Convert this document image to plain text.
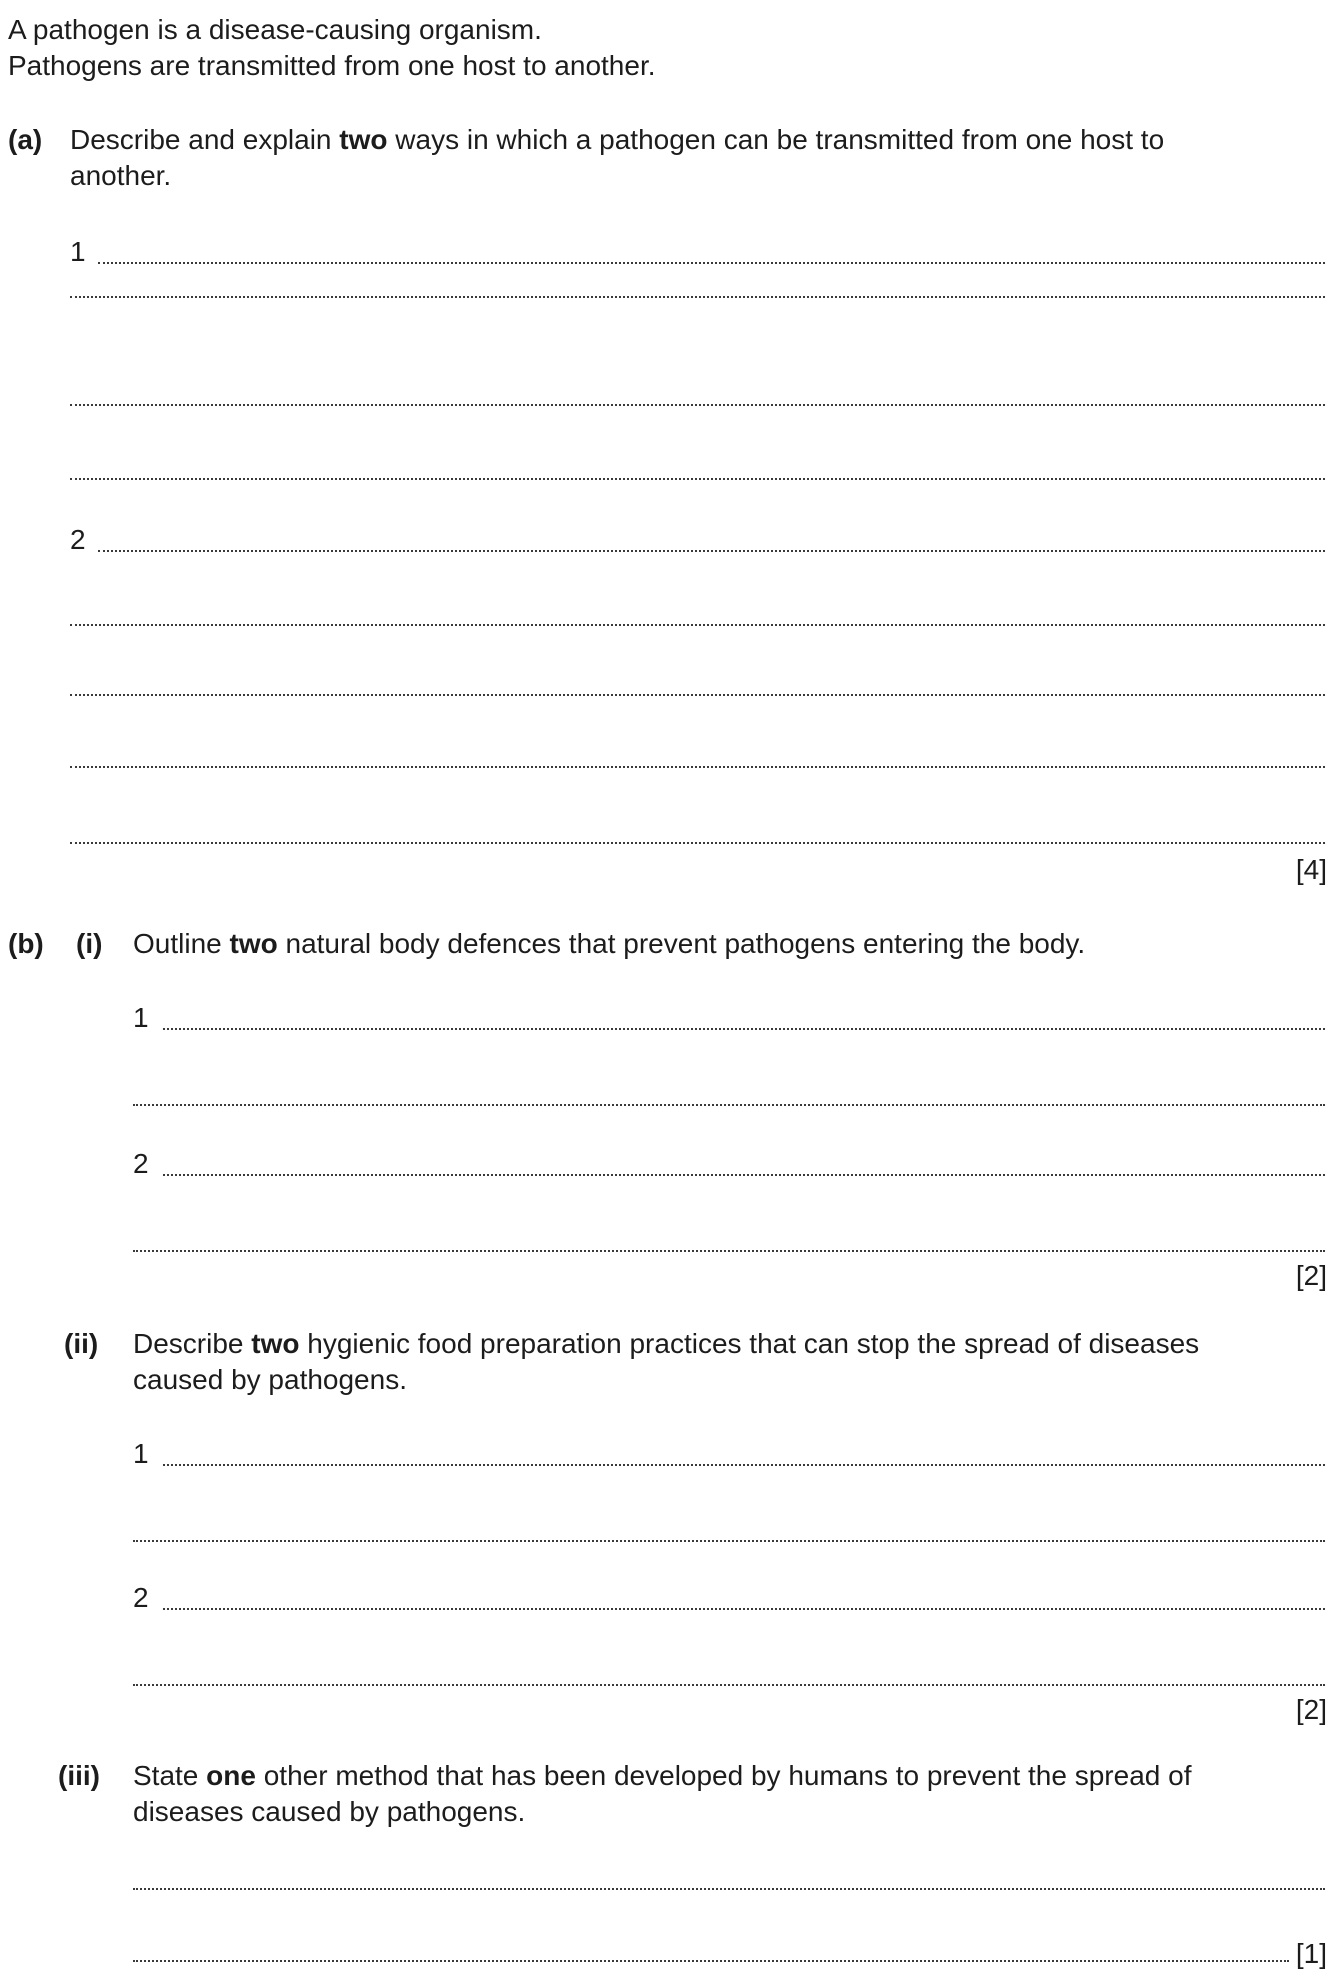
A pathogen is a disease-causing organism.
Pathogens are transmitted from one host to another.
(a) Describe and explain two ways in which a pathogen can be transmitted from one host to
another.
1
2
[4]
(b) (i) Outline two natural body defences that prevent pathogens entering the body.
1
2
[2]
(ii) Describe two hygienic food preparation practices that can stop the spread of diseases
caused by pathogens.
1
2
[2]
(iii) State one other method that has been developed by humans to prevent the spread of
diseases caused by pathogens.
[1]
